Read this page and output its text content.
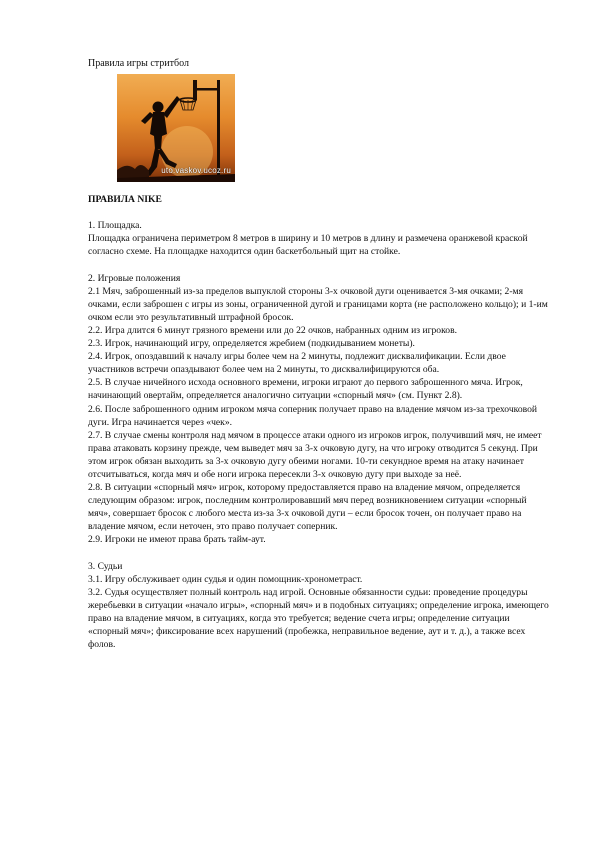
Правила игры стритбол
uto.vaskov.ucoz.ru

ПРАВИЛА NIKE

1. Площадка.

Площадка ограничена периметром 8 метров в ширину и 10 метров в длину и размечена оранжевой краской согласно схеме. На площадке находится один баскетбольный щит на стойке.

2. Игровые положения

2.1 Мяч, заброшенный из-за пределов выпуклой стороны 3-х очковой дуги оценивается 3-мя очками; 2-мя очками, если заброшен с игры из зоны, ограниченной дугой и границами корта (не расположено кольцо); и 1-им очком если это результативный штрафной бросок.

2.2. Игра длится 6 минут грязного времени или до 22 очков, набранных одним из игроков.

2.3. Игрок, начинающий игру, определяется жребием (подкидыванием монеты).

2.4. Игрок, опоздавший к началу игры более чем на 2 минуты, подлежит дисквалификации. Если двое участников встречи опаздывают более чем на 2 минуты, то дисквалифицируются оба.

2.5. В случае ничейного исхода основного времени, игроки играют до первого заброшенного мяча. Игрок, начинающий овертайм, определяется аналогично ситуации «спорный мяч» (см. Пункт 2.8).

2.6. После заброшенного одним игроком мяча соперник получает право на владение мячом из-за трехочковой дуги. Игра начинается через «чек».

2.7. В случае смены контроля над мячом в процессе атаки одного из игроков игрок, получивший мяч, не имеет права атаковать корзину прежде, чем выведет мяч за 3-х очковую дугу, на что игроку отводится 5 секунд. При этом игрок обязан выходить за 3-х очковую дугу обеими ногами. 10-ти секундное время на атаку начинает отсчитываться, когда мяч и обе ноги игрока пересекли 3-х очковую дугу при выходе за неё.

2.8. В ситуации «спорный мяч» игрок, которому предоставляется право на владение мячом, определяется следующим образом: игрок, последним контролировавший мяч перед возникновением ситуации «спорный мяч», совершает бросок с любого места из-за 3-х очковой дуги – если бросок точен, он получает право на владение мячом, если неточен, это право получает соперник.

2.9. Игроки не имеют права брать тайм-аут.

3. Судьи

3.1. Игру обслуживает один судья и один помощник-хронометраст.

3.2. Судья осуществляет полный контроль над игрой. Основные обязанности судьи: проведение процедуры жеребьевки в ситуации «начало игры», «спорный мяч» и в подобных ситуациях; определение игрока, имеющего право на владение мячом, в ситуациях, когда это требуется; ведение счета игры; определение ситуации «спорный мяч»; фиксирование всех нарушений (пробежка, неправильное ведение, аут и т. д.), а также всех фолов.
